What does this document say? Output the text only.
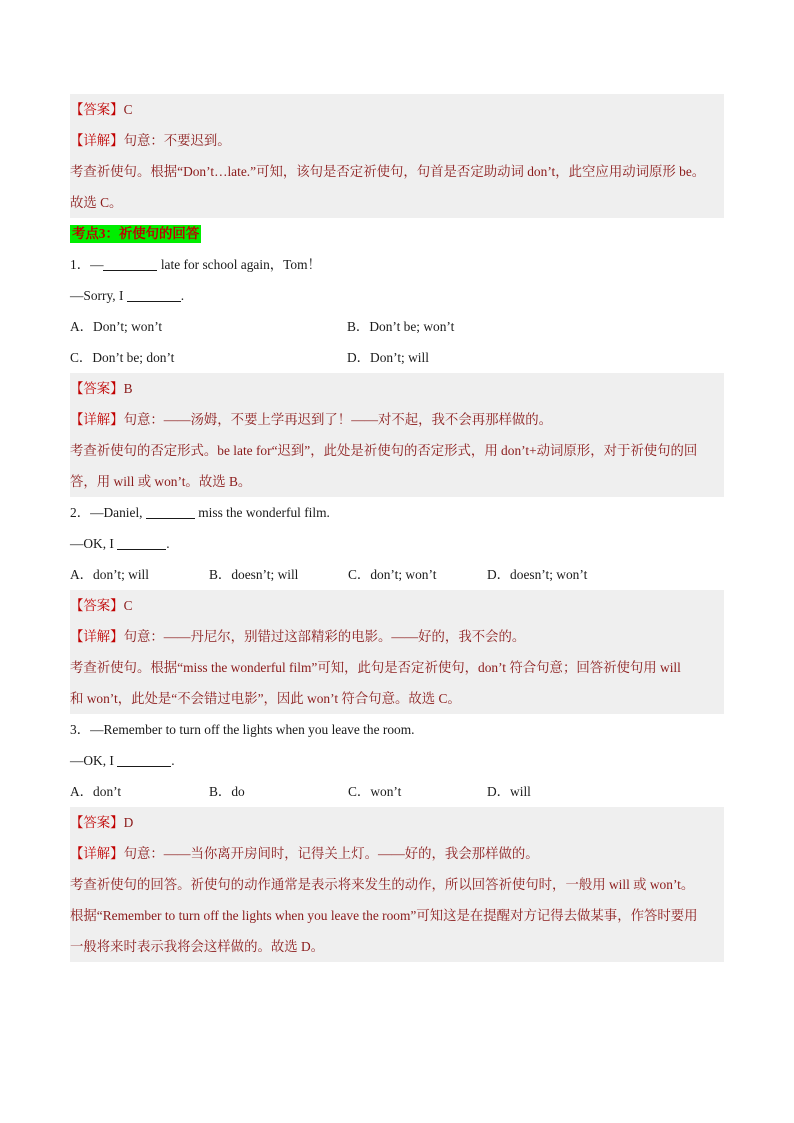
【答案】C
【详解】句意：不要迟到。
考查祈使句。根据“Don’t…late.”可知，该句是否定祈使句，句首是否定助动词 don’t，此空应用动词原形 be。
故选 C。
考点3：祈使句的回答
1．—	late for school again，Tom！
—Sorry, I	.
A．Don’t; won’t	B．Don’t be; won’t
C．Don’t be; don’t	D．Don’t; will
【答案】B
【详解】句意：——汤姆，不要上学再迟到了！——对不起，我不会再那样做的。
考查祈使句的否定形式。be late for“迟到”，此处是祈使句的否定形式，用 don’t+动词原形，对于祈使句的回
答，用 will 或 won’t。故选 B。
2．—Daniel,	miss the wonderful film.
—OK, I	.
A．don’t; will	B．doesn’t; will	C．don’t; won’t	D．doesn’t; won’t
【答案】C
【详解】句意：——丹尼尔，别错过这部精彩的电影。——好的，我不会的。
考查祈使句。根据“miss the wonderful film”可知，此句是否定祈使句，don’t 符合句意；回答祈使句用 will
和 won’t，此处是“不会错过电影”，因此 won’t 符合句意。故选 C。
3．—Remember to turn off the lights when you leave the room.
—OK, I	.
A．don’t	B．do	C．won’t	D．will
【答案】D
【详解】句意：——当你离开房间时，记得关上灯。——好的，我会那样做的。
考查祈使句的回答。祈使句的动作通常是表示将来发生的动作，所以回答祈使句时，一般用 will 或 won’t。
根据“Remember to turn off the lights when you leave the room”可知这是在提醒对方记得去做某事，作答时要用
一般将来时表示我将会这样做的。故选 D。
